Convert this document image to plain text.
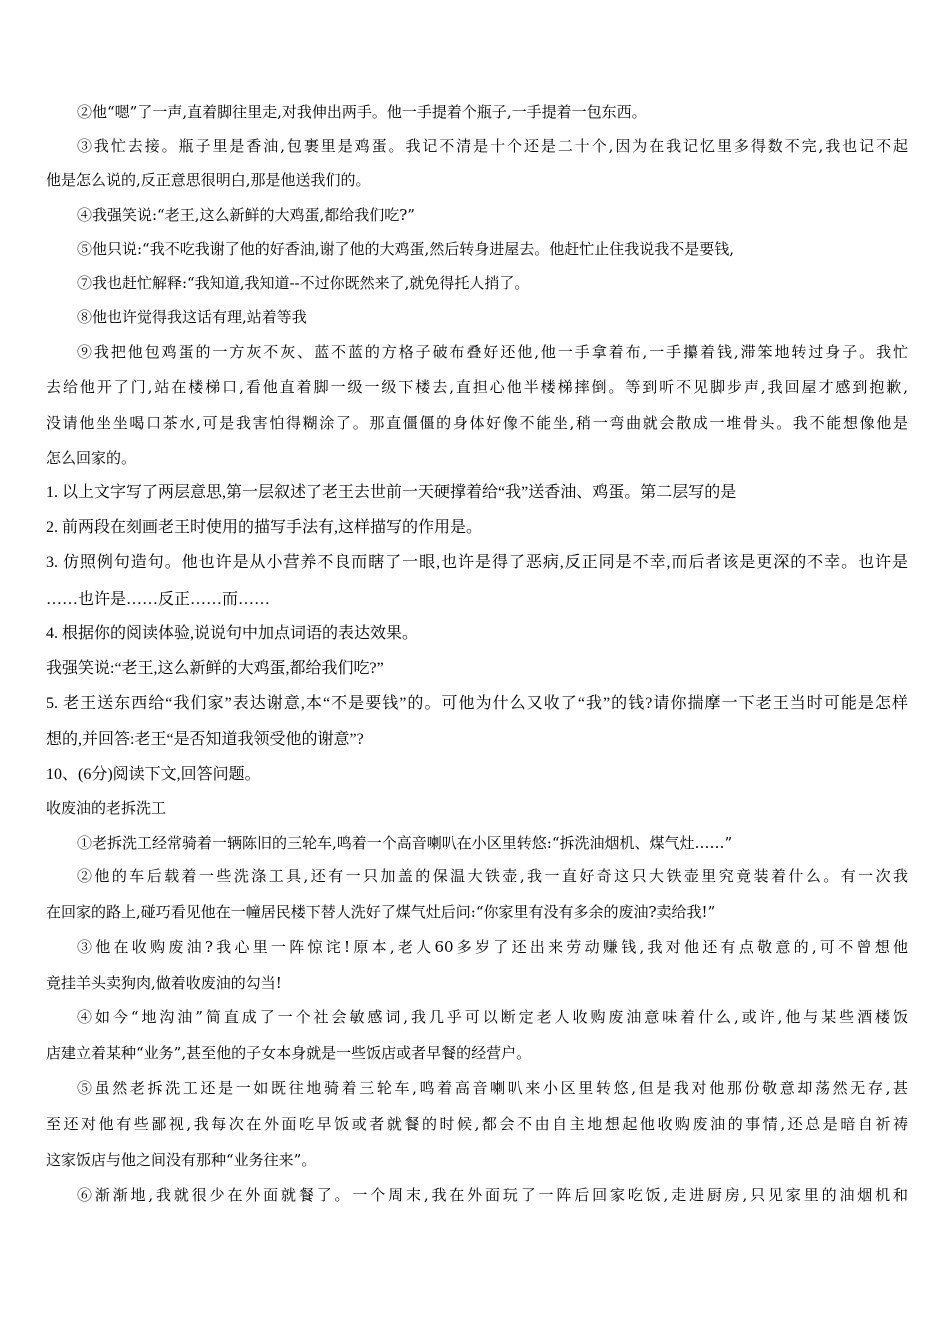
②他“嗯”了一声,直着脚往里走,对我伸出两手。他一手提着个瓶子,一手提着一包东西。
③我忙去接。瓶子里是香油,包裹里是鸡蛋。我记不清是十个还是二十个,因为在我记忆里多得数不完,我也记不起
他是怎么说的,反正意思很明白,那是他送我们的。
④我强笑说:“老王,这么新鲜的大鸡蛋,都给我们吃?”
⑤他只说:“我不吃我谢了他的好香油,谢了他的大鸡蛋,然后转身进屋去。他赶忙止住我说我不是要钱,
⑦我也赶忙解释:“我知道,我知道--不过你既然来了,就免得托人捎了。
⑧他也许觉得我这话有理,站着等我
⑨我把他包鸡蛋的一方灰不灰、蓝不蓝的方格子破布叠好还他,他一手拿着布,一手攥着钱,滞笨地转过身子。我忙
去给他开了门,站在楼梯口,看他直着脚一级一级下楼去,直担心他半楼梯摔倒。等到听不见脚步声,我回屋才感到抱歉,
没请他坐坐喝口茶水,可是我害怕得糊涂了。那直僵僵的身体好像不能坐,稍一弯曲就会散成一堆骨头。我不能想像他是
怎么回家的。
1. 以上文字写了两层意思,第一层叙述了老王去世前一天硬撑着给“我”送香油、鸡蛋。第二层写的是
2. 前两段在刻画老王时使用的描写手法有,这样描写的作用是。
3. 仿照例句造句。他也许是从小营养不良而瞎了一眼,也许是得了恶病,反正同是不幸,而后者该是更深的不幸。也许是
……也许是……反正……而……
4. 根据你的阅读体验,说说句中加点词语的表达效果。
我强笑说:“老王,这么新鲜的大鸡蛋,都给我们吃?”
5. 老王送东西给“我们家”表达谢意,本“不是要钱”的。可他为什么又收了“我”的钱?请你揣摩一下老王当时可能是怎样
想的,并回答:老王“是否知道我领受他的谢意”?
10、(6分)阅读下文,回答问题。
收废油的老拆洗工
①老拆洗工经常骑着一辆陈旧的三轮车,鸣着一个高音喇叭在小区里转悠:“拆洗油烟机、煤气灶……”
②他的车后载着一些洗涤工具,还有一只加盖的保温大铁壶,我一直好奇这只大铁壶里究竟装着什么。有一次我
在回家的路上,碰巧看见他在一幢居民楼下替人洗好了煤气灶后问:“你家里有没有多余的废油?卖给我!”
③他在收购废油?我心里一阵惊诧!原本,老人60多岁了还出来劳动赚钱,我对他还有点敬意的,可不曾想他
竟挂羊头卖狗肉,做着收废油的勾当!
④如今“地沟油”简直成了一个社会敏感词,我几乎可以断定老人收购废油意味着什么,或许,他与某些酒楼饭
店建立着某种“业务”,甚至他的子女本身就是一些饭店或者早餐的经营户。
⑤虽然老拆洗工还是一如既往地骑着三轮车,鸣着高音喇叭来小区里转悠,但是我对他那份敬意却荡然无存,甚
至还对他有些鄙视,我每次在外面吃早饭或者就餐的时候,都会不由自主地想起他收购废油的事情,还总是暗自祈祷
这家饭店与他之间没有那种“业务往来”。
⑥渐渐地,我就很少在外面就餐了。一个周末,我在外面玩了一阵后回家吃饭,走进厨房,只见家里的油烟机和
